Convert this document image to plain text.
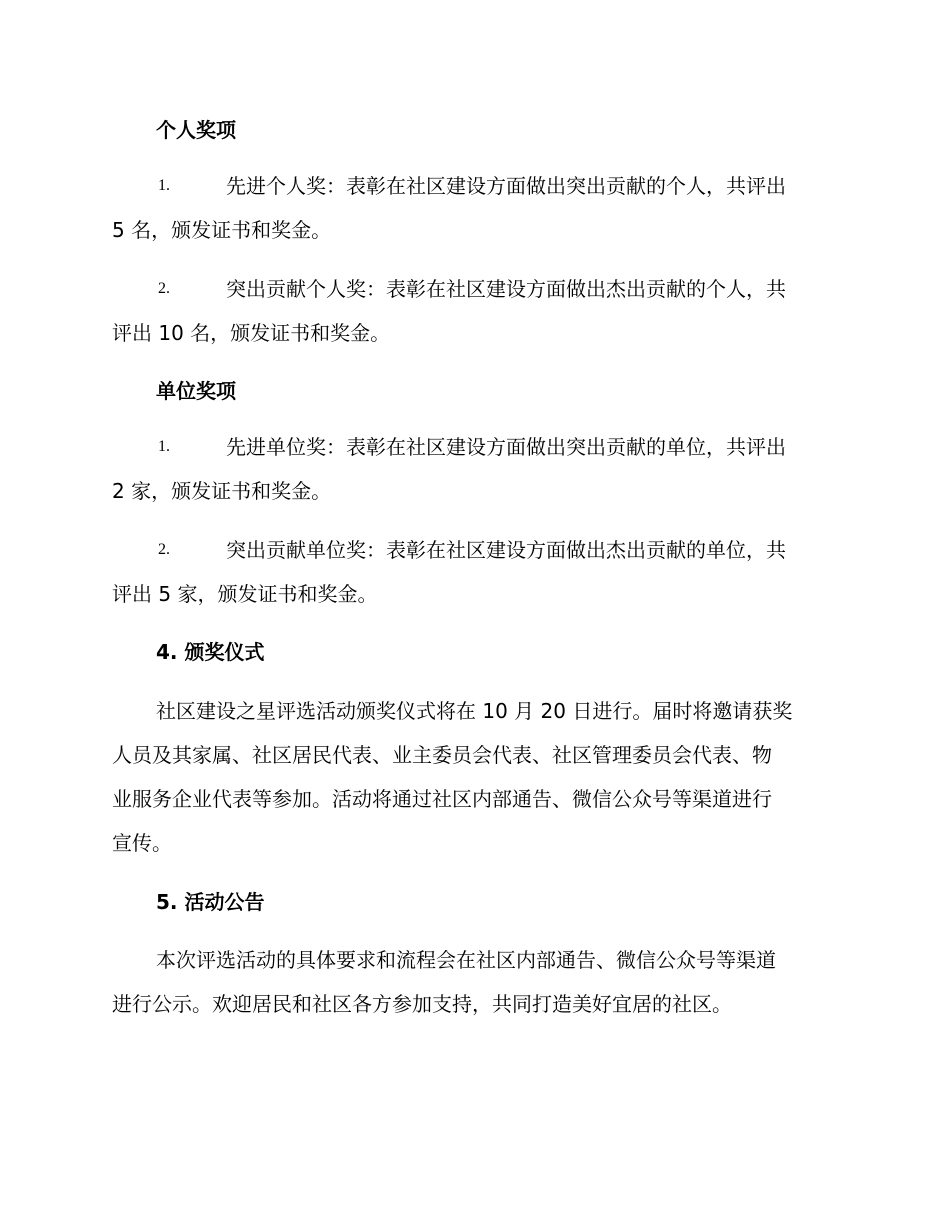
个人奖项
1.	先进个人奖：表彰在社区建设方面做出突出贡献的个人，共评出
5 名，颁发证书和奖金。
2.	突出贡献个人奖：表彰在社区建设方面做出杰出贡献的个人，共
评出 10 名，颁发证书和奖金。
单位奖项
1.	先进单位奖：表彰在社区建设方面做出突出贡献的单位，共评出
2 家，颁发证书和奖金。
2.	突出贡献单位奖：表彰在社区建设方面做出杰出贡献的单位，共
评出 5 家，颁发证书和奖金。
4. 颁奖仪式
社区建设之星评选活动颁奖仪式将在 10 月 20 日进行。届时将邀请获奖
人员及其家属、社区居民代表、业主委员会代表、社区管理委员会代表、物
业服务企业代表等参加。活动将通过社区内部通告、微信公众号等渠道进行
宣传。
5. 活动公告
本次评选活动的具体要求和流程会在社区内部通告、微信公众号等渠道
进行公示。欢迎居民和社区各方参加支持，共同打造美好宜居的社区。
